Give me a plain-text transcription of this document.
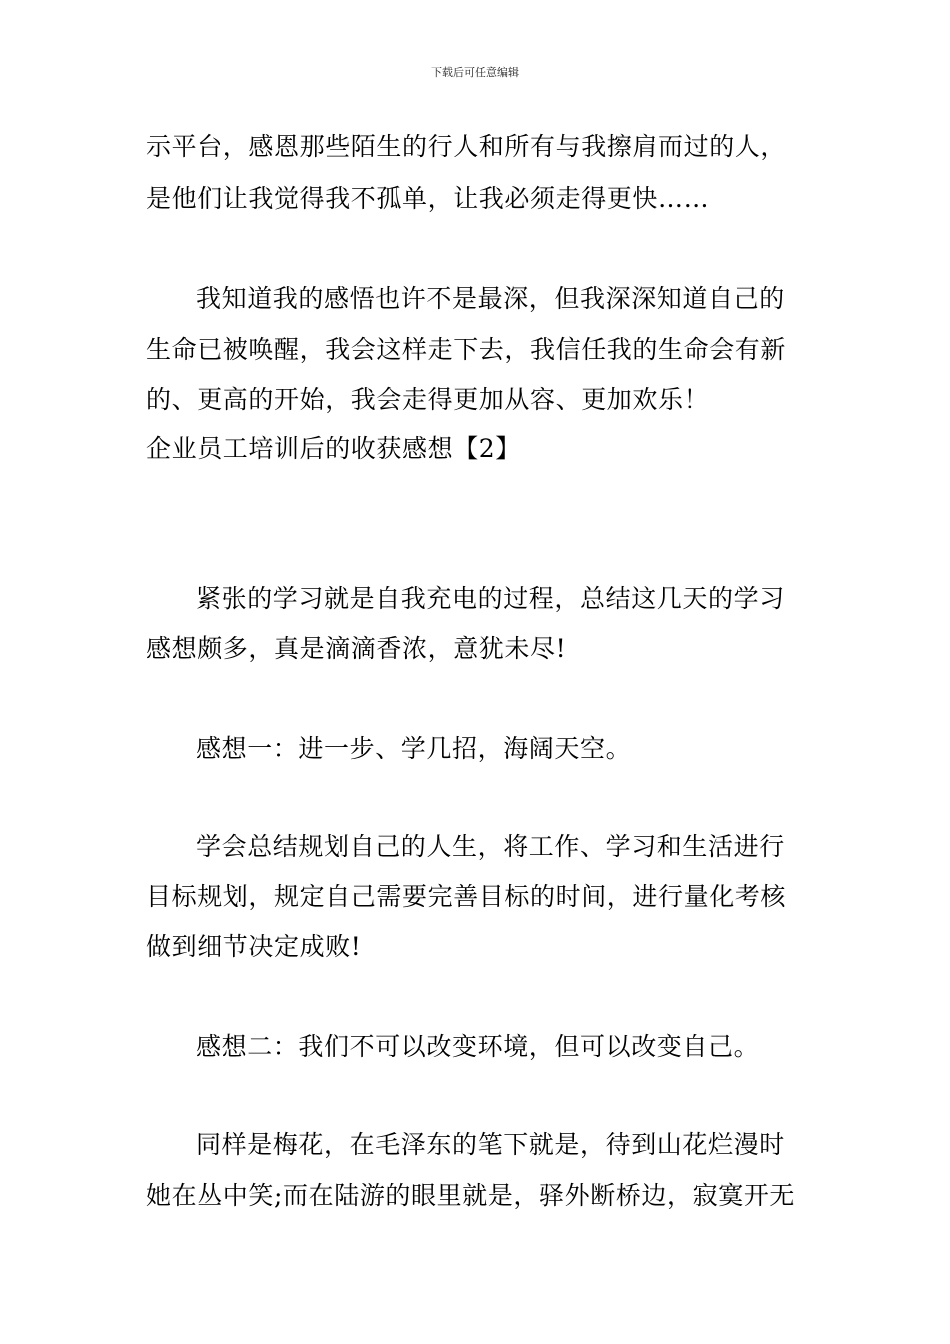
下载后可任意编辑
示平台，感恩那些陌生的行人和所有与我擦肩而过的人，
是他们让我觉得我不孤单，让我必须走得更快……
我知道我的感悟也许不是最深，但我深深知道自己的
生命已被唤醒，我会这样走下去，我信任我的生命会有新
的、更高的开始，我会走得更加从容、更加欢乐！
企业员工培训后的收获感想【2】
紧张的学习就是自我充电的过程，总结这几天的学习
感想颇多，真是滴滴香浓，意犹未尽!
感想一：进一步、学几招，海阔天空。
学会总结规划自己的人生，将工作、学习和生活进行
目标规划，规定自己需要完善目标的时间，进行量化考核
做到细节决定成败!
感想二：我们不可以改变环境，但可以改变自己。
同样是梅花，在毛泽东的笔下就是，待到山花烂漫时
她在丛中笑;而在陆游的眼里就是，驿外断桥边，寂寞开无
